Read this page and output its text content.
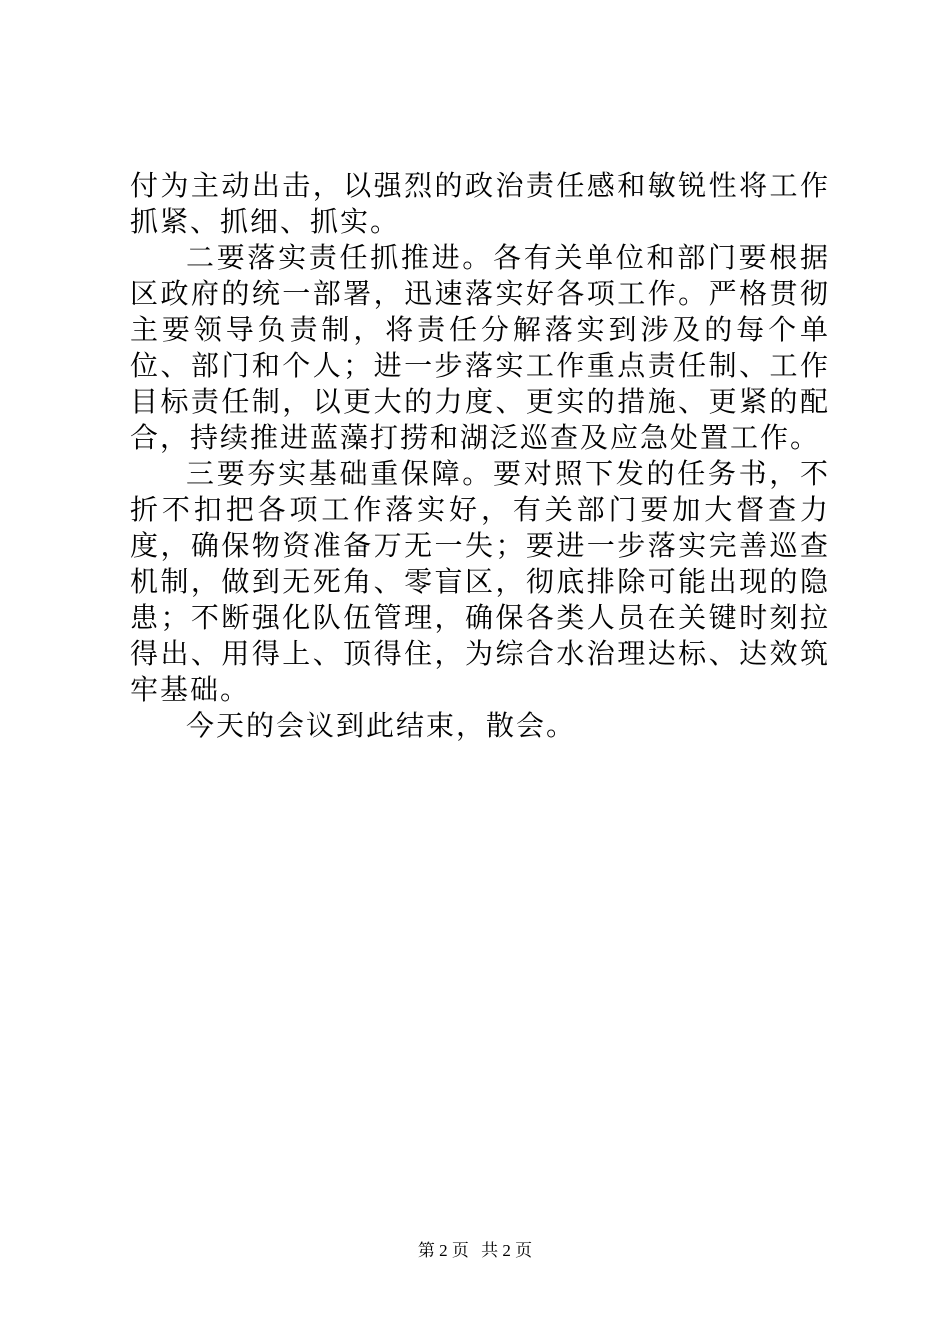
付为主动出击，以强烈的政治责任感和敏锐性将工作抓紧、抓细、抓实。

二要落实责任抓推进。各有关单位和部门要根据区政府的统一部署，迅速落实好各项工作。严格贯彻主要领导负责制，将责任分解落实到涉及的每个单位、部门和个人；进一步落实工作重点责任制、工作目标责任制，以更大的力度、更实的措施、更紧的配合，持续推进蓝藻打捞和湖泛巡查及应急处置工作。

三要夯实基础重保障。要对照下发的任务书，不折不扣把各项工作落实好，有关部门要加大督查力度，确保物资准备万无一失；要进一步落实完善巡查机制，做到无死角、零盲区，彻底排除可能出现的隐患；不断强化队伍管理，确保各类人员在关键时刻拉得出、用得上、顶得住，为综合水治理达标、达效筑牢基础。

今天的会议到此结束，散会。

第 2 页 共 2 页
